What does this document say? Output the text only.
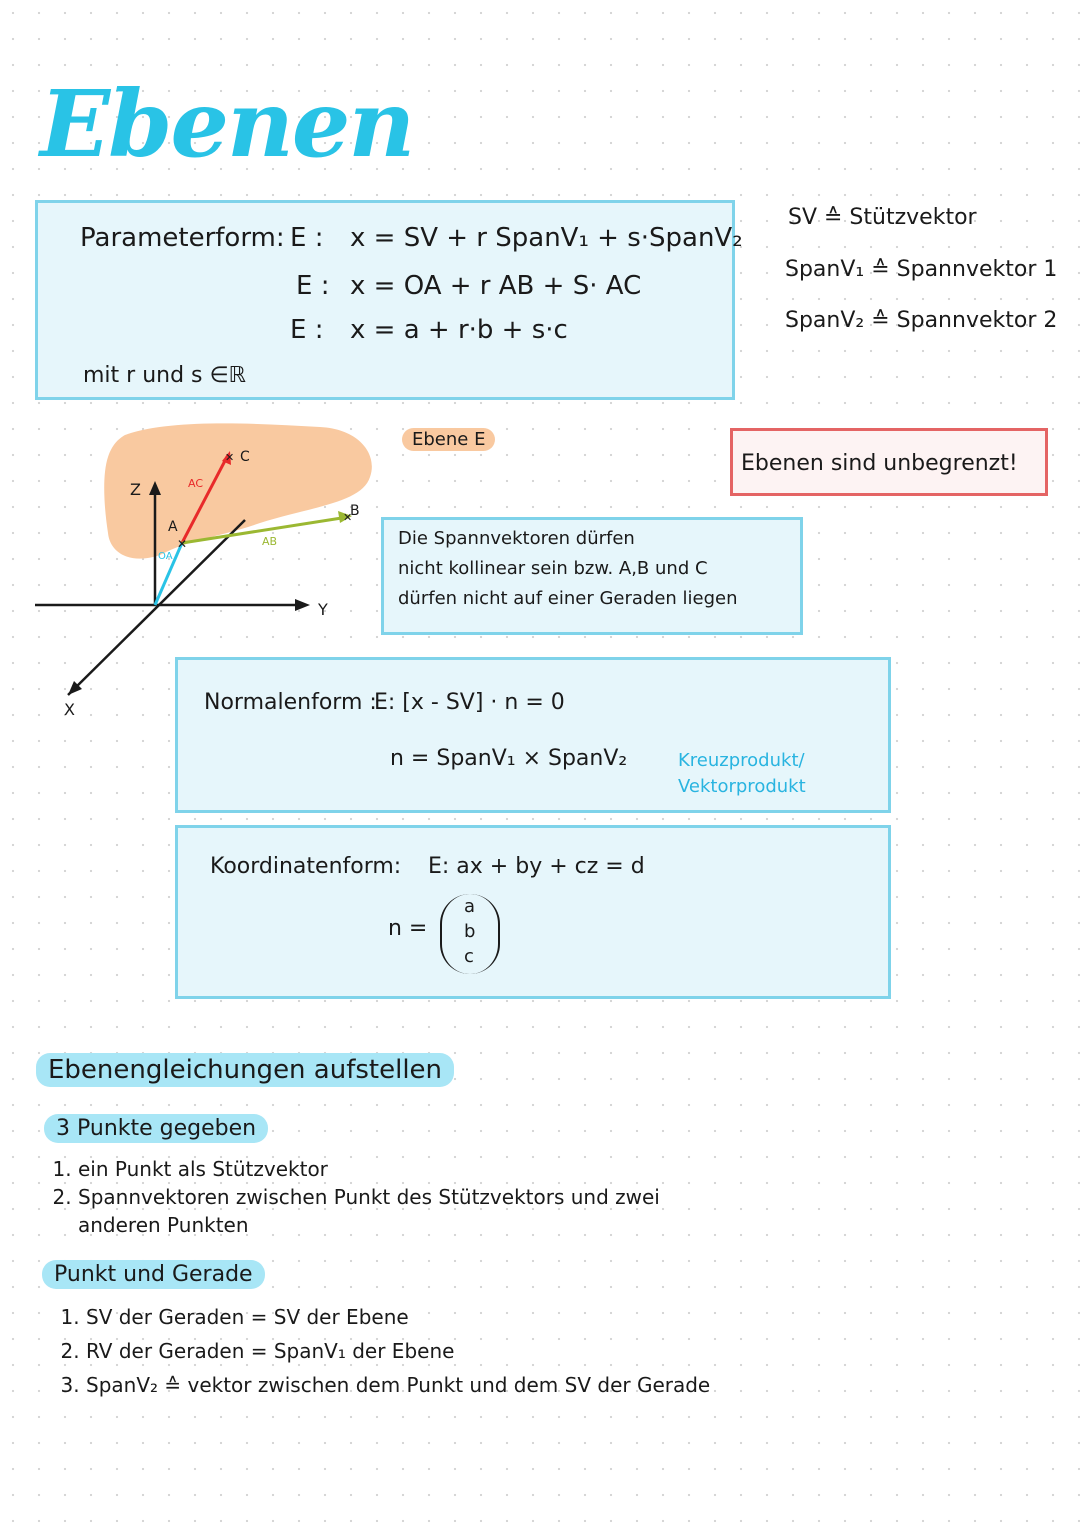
Ebenen
Parameterform: E : x = SV + r SpanV₁ + s·SpanV₂
E : x = OA + r AB + S· AC
E : x = a + r·b + s·c
mit r und s ∈ℝ
SV ≙ Stützvektor
SpanV₁ ≙ Spannvektor 1
SpanV₂ ≙ Spannvektor 2
✕
✕
✕
Z
Y
X
A
B
C
AC
AB
OA
Ebene E
Ebenen sind unbegrenzt!
Die Spannvektoren dürfen
nicht kollinear sein bzw. A,B und C
dürfen nicht auf einer Geraden liegen
Normalenform :
E: [x - SV] · n = 0
n = SpanV₁ × SpanV₂	Kreuzprodukt/
Vektorprodukt
Koordinatenform: E: ax + by + cz = d
n =
a
b
c
Ebenengleichungen aufstellen
3 Punkte gegeben
1. ein Punkt als Stützvektor
2. Spannvektoren zwischen Punkt des Stützvektors und zwei anderen Punkten
Punkt und Gerade
1. SV der Geraden = SV der Ebene
2. RV der Geraden = SpanV₁ der Ebene
3. SpanV₂ ≙ vektor zwischen dem Punkt und dem SV der Gerade
